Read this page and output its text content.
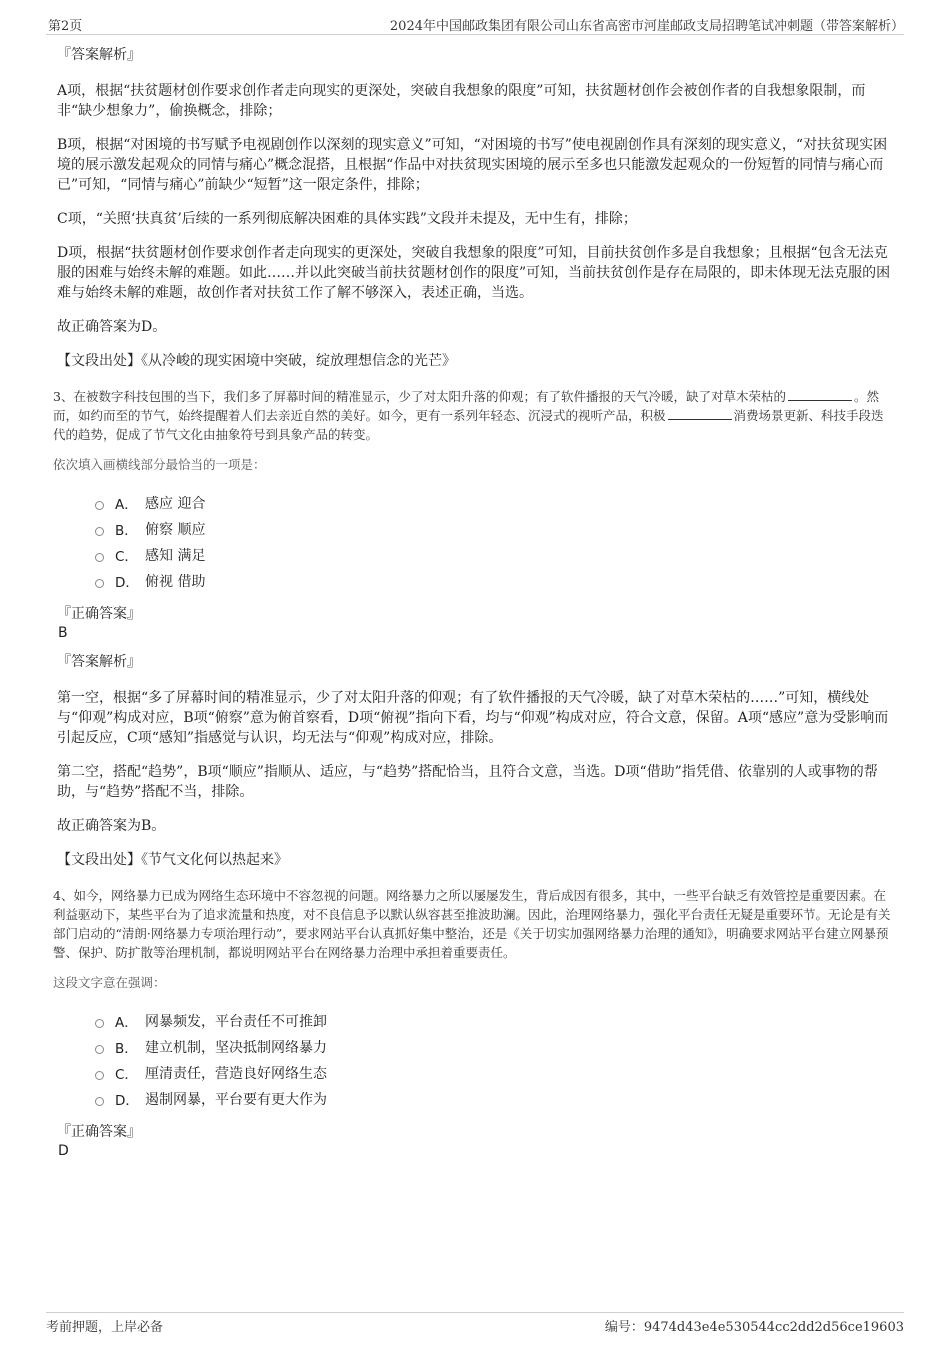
第2页	2024年中国邮政集团有限公司山东省高密市河崖邮政支局招聘笔试冲刺题（带答案解析）
『答案解析』
A项，根据“扶贫题材创作要求创作者走向现实的更深处，突破自我想象的限度”可知，扶贫题材创作会被创作者的自我想象限制，而非“缺少想象力”，偷换概念，排除；
B项，根据“对困境的书写赋予电视剧创作以深刻的现实意义”可知，“对困境的书写”使电视剧创作具有深刻的现实意义，“对扶贫现实困境的展示激发起观众的同情与痛心”概念混搭，且根据“作品中对扶贫现实困境的展示至多也只能激发起观众的一份短暂的同情与痛心而已”可知，“同情与痛心”前缺少“短暂”这一限定条件，排除；
C项，“关照‘扶真贫’后续的一系列彻底解决困难的具体实践”文段并未提及，无中生有，排除；
D项，根据“扶贫题材创作要求创作者走向现实的更深处，突破自我想象的限度”可知，目前扶贫创作多是自我想象；且根据“包含无法克服的困难与始终未解的难题。如此……并以此突破当前扶贫题材创作的限度”可知，当前扶贫创作是存在局限的，即未体现无法克服的困难与始终未解的难题，故创作者对扶贫工作了解不够深入，表述正确，当选。
故正确答案为D。
【文段出处】《从冷峻的现实困境中突破，绽放理想信念的光芒》
3、在被数字科技包围的当下，我们多了屏幕时间的精准显示，少了对太阳升落的仰观；有了软件播报的天气冷暖，缺了对草木荣枯的	。然而，如约而至的节气，始终提醒着人们去亲近自然的美好。如今，更有一系列年轻态、沉浸式的视听产品，积极	消费场景更新、科技手段迭代的趋势，促成了节气文化由抽象符号到具象产品的转变。
依次填入画横线部分最恰当的一项是：
A． 感应 迎合
B． 俯察 顺应
C． 感知 满足
D． 俯视 借助
『正确答案』
B
『答案解析』
第一空，根据“多了屏幕时间的精准显示，少了对太阳升落的仰观；有了软件播报的天气冷暖，缺了对草木荣枯的……”可知，横线处与“仰观”构成对应，B项“俯察”意为俯首察看，D项“俯视”指向下看，均与“仰观”构成对应，符合文意，保留。A项“感应”意为受影响而引起反应，C项“感知”指感觉与认识，均无法与“仰观”构成对应，排除。
第二空，搭配“趋势”，B项“顺应”指顺从、适应，与“趋势”搭配恰当，且符合文意，当选。D项“借助”指凭借、依靠别的人或事物的帮助，与“趋势”搭配不当，排除。
故正确答案为B。
【文段出处】《节气文化何以热起来》
4、如今，网络暴力已成为网络生态环境中不容忽视的问题。网络暴力之所以屡屡发生，背后成因有很多，其中，一些平台缺乏有效管控是重要因素。在利益驱动下，某些平台为了追求流量和热度，对不良信息予以默认纵容甚至推波助澜。因此，治理网络暴力，强化平台责任无疑是重要环节。无论是有关部门启动的“清朗·网络暴力专项治理行动”，要求网站平台认真抓好集中整治，还是《关于切实加强网络暴力治理的通知》，明确要求网站平台建立网暴预警、保护、防扩散等治理机制，都说明网站平台在网络暴力治理中承担着重要责任。
这段文字意在强调：
A． 网暴频发，平台责任不可推卸
B． 建立机制，坚决抵制网络暴力
C． 厘清责任，营造良好网络生态
D． 遏制网暴，平台要有更大作为
『正确答案』
D
考前押题，上岸必备	编号：9474d43e4e530544cc2dd2d56ce19603
